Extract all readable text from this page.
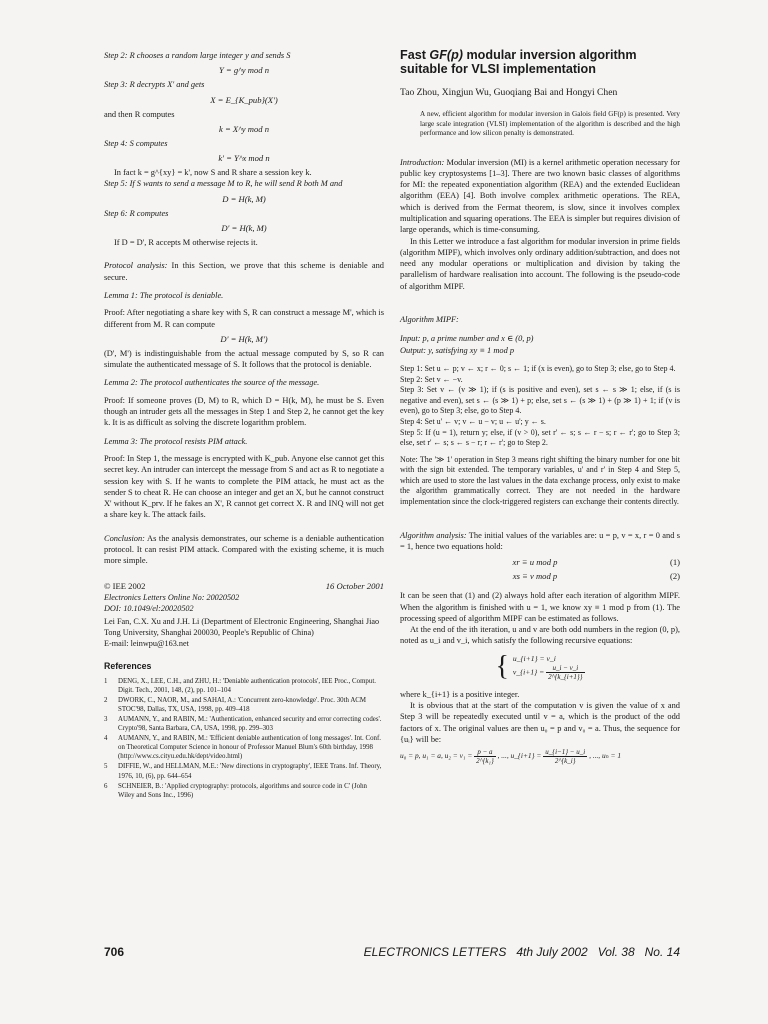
Step 2: R chooses a random large integer y and sends S

Y = g^y mod n

Step 3: R decrypts X' and gets

X = E_{K_pub}(X')

and then R computes

k = X^y mod n

Step 4: S computes

k' = Y^x mod n

In fact k = g^{xy} = k', now S and R share a session key k.

Step 5: If S wants to send a message M to R, he will send R both M and

D = H(k, M)

Step 6: R computes

D' = H(k, M)

If D = D', R accepts M otherwise rejects it.

Protocol analysis: In this Section, we prove that this scheme is deniable and secure.

Lemma 1: The protocol is deniable.

Proof: After negotiating a share key with S, R can construct a message M', which is different from M. R can compute

D' = H(k, M')

(D', M') is indistinguishable from the actual message computed by S, so R can simulate the authenticated message of S. It follows that the protocol is deniable.

Lemma 2: The protocol authenticates the source of the message.

Proof: If someone proves (D, M) to R, which D = H(k, M), he must be S. Even though an intruder gets all the messages in Step 1 and Step 2, he cannot get the key k. It is as difficult as solving the discrete logarithm problem.

Lemma 3: The protocol resists PIM attack.

Proof: In Step 1, the message is encrypted with K_pub. Anyone else cannot get this secret key. An intruder can intercept the message from S and act as R to negotiate a session key with S. If he wants to complete the PIM attack, he must act as the sender S to cheat R. He can choose an integer and get an X, but he cannot construct X' without K_prv. If he fakes an X', R cannot get correct X. R and INQ will not get a share key k. The attack fails.

Conclusion: As the analysis demonstrates, our scheme is a deniable authentication protocol. It can resist PIM attack. Compared with the existing scheme, it is much more simple.

© IEE 2002	16 October 2001

Electronics Letters Online No: 20020502

DOI: 10.1049/el:20020502

Lei Fan, C.X. Xu and J.H. Li (Department of Electronic Engineering, Shanghai Jiao Tong University, Shanghai 200030, People's Republic of China)

E-mail: leinwpu@163.net

References

1	DENG, X., LEE, C.H., and ZHU, H.: 'Deniable authentication protocols', IEE Proc., Comput. Digit. Tech., 2001, 148, (2), pp. 101–104
2	DWORK, C., NAOR, M., and SAHAI, A.: 'Concurrent zero-knowledge'. Proc. 30th ACM STOC'98, Dallas, TX, USA, 1998, pp. 409–418
3	AUMANN, Y., and RABIN, M.: 'Authentication, enhanced security and error correcting codes'. Crypto'98, Santa Barbara, CA, USA, 1998, pp. 299–303
4	AUMANN, Y., and RABIN, M.: 'Efficient deniable authentication of long messages'. Int. Conf. on Theoretical Computer Science in honour of Professor Manuel Blum's 60th birthday, 1998 (http://www.cs.cityu.edu.hk/dept/video.html)
5	DIFFIE, W., and HELLMAN, M.E.: 'New directions in cryptography', IEEE Trans. Inf. Theory, 1976, 10, (6), pp. 644–654
6	SCHNEIER, B.: 'Applied cryptography: protocols, algorithms and source code in C' (John Wiley and Sons Inc., 1996)

Fast GF(p) modular inversion algorithm suitable for VLSI implementation

Tao Zhou, Xingjun Wu, Guoqiang Bai and Hongyi Chen

A new, efficient algorithm for modular inversion in Galois field GF(p) is presented. Very large scale integration (VLSI) implementation of the algorithm is described and the high performance and low silicon penalty is demonstrated.

Introduction: Modular inversion (MI) is a kernel arithmetic operation necessary for public key cryptosystems [1–3]. There are two known basic classes of algorithms for MI: the repeated exponentiation algorithm (REA) and the extended Euclidean algorithm (EEA) [4]. Both involve complex arithmetic operations. The REA, which is derived from the Fermat theorem, is slow, since it involves complex multiplication and squaring operations. The EEA is simpler but requires division of large operands, which is time-consuming.

In this Letter we introduce a fast algorithm for modular inversion in prime fields (algorithm MIPF), which involves only ordinary addition/subtraction, and does not need any modular operations or multiplication and division by taking the parallelism of hardware realisation into account. The following is the pseudo-code of algorithm MIPF.

Algorithm MIPF:

Input: p, a prime number and x ∈ (0, p)

Output: y, satisfying xy ≡ 1 mod p

Step 1: Set u ← p; v ← x; r ← 0; s ← 1; if (x is even), go to Step 3; else, go to Step 4.

Step 2: Set v ← −v.

Step 3: Set v ← (v ≫ 1); if (s is positive and even), set s ← s ≫ 1; else, if (s is negative and even), set s ← (s ≫ 1) + p; else, set s ← (s ≫ 1) + (p ≫ 1) + 1; if (v is even), go to Step 3; else, go to Step 4.

Step 4: Set u' ← v; v ← u − v; u ← u'; y ← s.

Step 5: If (u = 1), return y; else, if (v > 0), set r' ← s; s ← r − s; r ← r'; go to Step 3; else, set r' ← s; s ← s − r; r ← r'; go to Step 2.

Note: The '≫ 1' operation in Step 3 means right shifting the binary number for one bit with the sign bit extended. The temporary variables, u' and r' in Step 4 and Step 5, which are used to store the last values in the data exchange process, only exist to make the algorithm grammatically correct. They are not needed in the hardware implementation since the clock-triggered registers can exchange their contents directly.

Algorithm analysis: The initial values of the variables are: u = p, v = x, r = 0 and s = 1, hence two equations hold:

xr ≡ u mod p	(1)
xs ≡ v mod p	(2)

It can be seen that (1) and (2) always hold after each iteration of algorithm MIPF. When the algorithm is finished with u = 1, we know xy ≡ 1 mod p from (1). The processing speed of algorithm MIPF can be estimated as follows.

At the end of the ith iteration, u and v are both odd numbers in the region (0, p), noted as u_i and v_i, which satisfy the following recursive equations:

{ u_{i+1} = v_i
v_{i+1} = $\frac{u\_i - v\_i}{2\^{}\{k\_\{i+1\}\}}$

where k_{i+1} is a positive integer.

It is obvious that at the start of the computation v is given the value of x and Step 3 will be repeatedly executed until v = a, which is the product of the odd factors of x. The original values are then u₀ = p and v₀ = a. Thus, the sequence for {uᵢ} will be:

u₀ = p, u₁ = a, $u_2 = v_1 = \frac{p - a}{\text{2\textasciicircum{}\{k₁\}}}$ , ..., u_{i+1} = $\frac{u\_\{i-1\} - u\_i}{2\^{}\{k\_i\}}$ , ..., uₙ = 1
706	ELECTRONICS LETTERS   4th July 2002   Vol. 38   No. 14
